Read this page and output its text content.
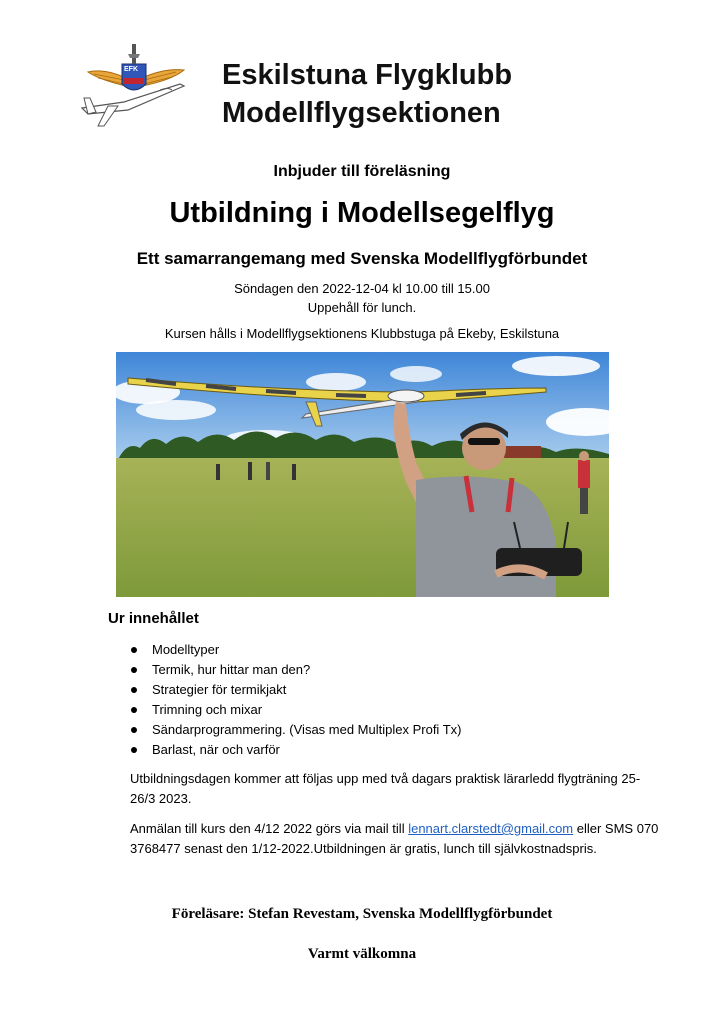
EFK	Eskilstuna Flygklubb
Modellflygsektionen
Inbjuder till föreläsning
Utbildning i Modellsegelflyg
Ett samarrangemang med Svenska Modellflygförbundet
Söndagen den 2022-12-04 kl 10.00 till 15.00
Uppehåll för lunch.
Kursen hålls i Modellflygsektionens Klubbstuga på Ekeby, Eskilstuna
Ur innehållet
Modelltyper
Termik, hur hittar man den?
Strategier för termikjakt
Trimning och mixar
Sändarprogrammering. (Visas med Multiplex Profi Tx)
Barlast, när och varför
Utbildningsdagen kommer att följas upp med två dagars praktisk lärarledd flygträning 25-26/3 2023.
Anmälan till kurs den 4/12 2022 görs via mail till lennart.clarstedt@gmail.com eller SMS 070 3768477 senast den 1/12-2022.Utbildningen är gratis, lunch till självkostnadspris.
Föreläsare: Stefan Revestam, Svenska Modellflygförbundet
Varmt välkomna
